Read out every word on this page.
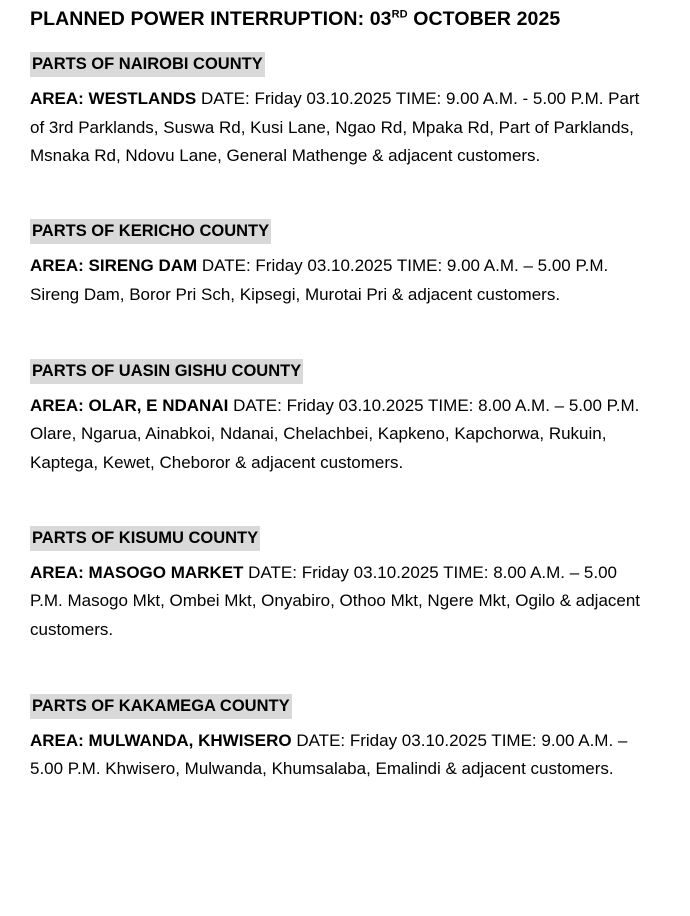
PLANNED POWER INTERRUPTION: 03RD OCTOBER 2025
PARTS OF NAIROBI COUNTY

AREA: WESTLANDS DATE: Friday 03.10.2025 TIME: 9.00 A.M. - 5.00 P.M. Part of 3rd Parklands, Suswa Rd, Kusi Lane, Ngao Rd, Mpaka Rd, Part of Parklands, Msnaka Rd, Ndovu Lane, General Mathenge & adjacent customers.

PARTS OF KERICHO COUNTY

AREA: SIRENG DAM DATE: Friday 03.10.2025 TIME: 9.00 A.M. – 5.00 P.M. Sireng Dam, Boror Pri Sch, Kipsegi, Murotai Pri & adjacent customers.

PARTS OF UASIN GISHU COUNTY

AREA: OLAR, E NDANAI DATE: Friday 03.10.2025 TIME: 8.00 A.M. – 5.00 P.M. Olare, Ngarua, Ainabkoi, Ndanai, Chelachbei, Kapkeno, Kapchorwa, Rukuin, Kaptega, Kewet, Cheboror & adjacent customers.

PARTS OF KISUMU COUNTY

AREA: MASOGO MARKET DATE: Friday 03.10.2025 TIME: 8.00 A.M. – 5.00 P.M. Masogo Mkt, Ombei Mkt, Onyabiro, Othoo Mkt, Ngere Mkt, Ogilo & adjacent customers.

PARTS OF KAKAMEGA COUNTY

AREA: MULWANDA, KHWISERO DATE: Friday 03.10.2025 TIME: 9.00 A.M. – 5.00 P.M. Khwisero, Mulwanda, Khumsalaba, Emalindi & adjacent customers.
